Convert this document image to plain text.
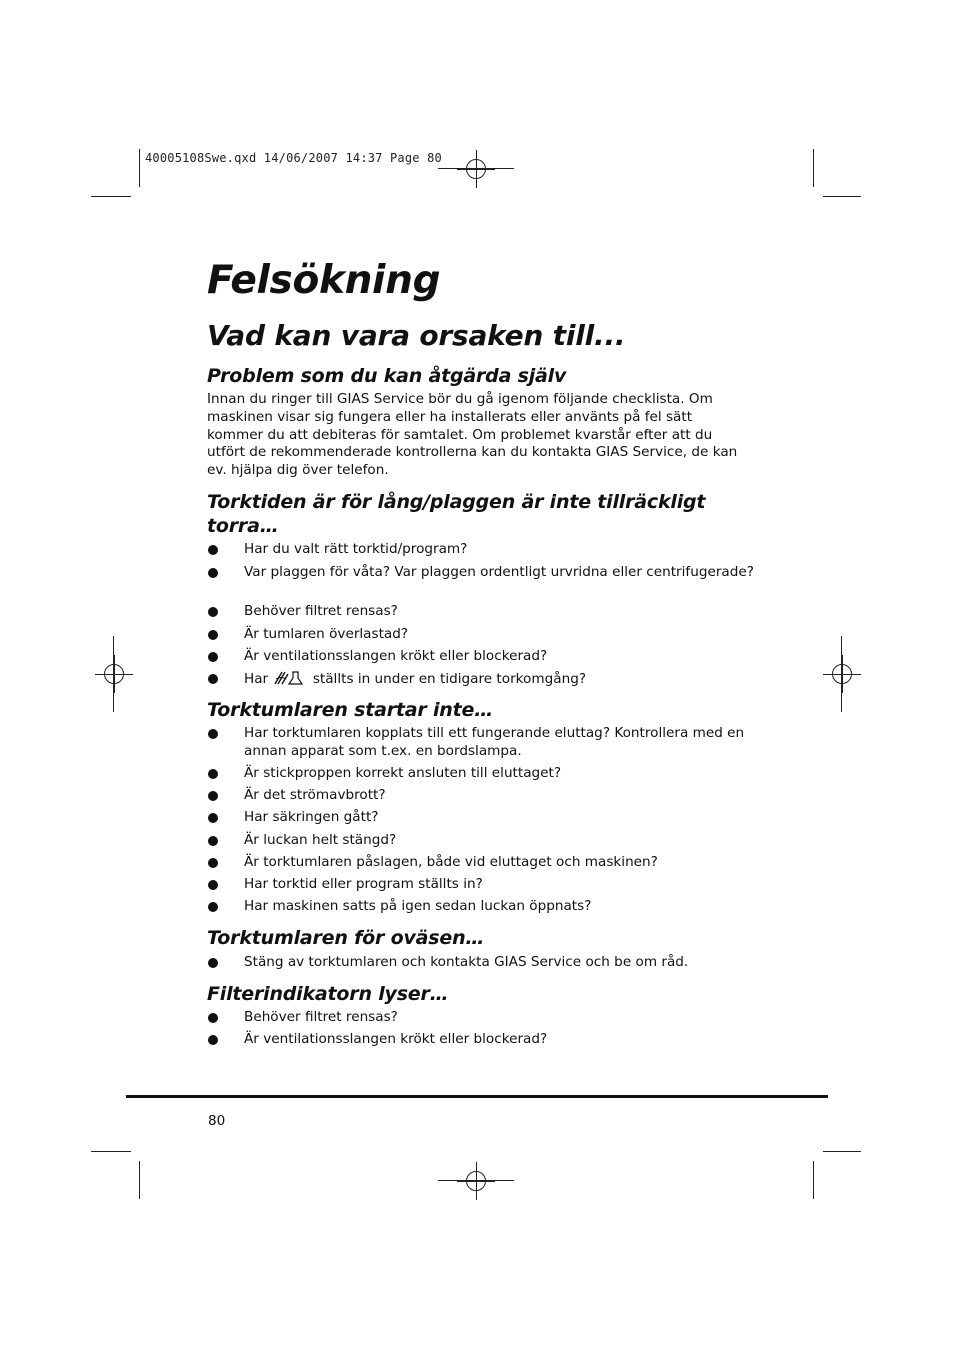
40005108Swe.qxd 14/06/2007 14:37 Page 80
Felsökning
Vad kan vara orsaken till...
Problem som du kan åtgärda själv

Innan du ringer till GIAS Service bör du gå igenom följande checklista. Om
maskinen visar sig fungera eller ha installerats eller använts på fel sätt
kommer du att debiteras för samtalet. Om problemet kvarstår efter att du
utfört de rekommenderade kontrollerna kan du kontakta GIAS Service, de kan
ev. hjälpa dig över telefon.

Torktiden är för lång/plaggen är inte tillräckligt torra…
Har du valt rätt torktid/program?
Var plaggen för våta? Var plaggen ordentligt urvridna eller centrifugerade?
Behöver filtret rensas?
Är tumlaren överlastad?
Är ventilationsslangen krökt eller blockerad?
Har	ställts in under en tidigare torkomgång?
Torktumlaren startar inte…
Har torktumlaren kopplats till ett fungerande eluttag? Kontrollera med en annan apparat som t.ex. en bordslampa.
Är stickproppen korrekt ansluten till eluttaget?
Är det strömavbrott?
Har säkringen gått?
Är luckan helt stängd?
Är torktumlaren påslagen, både vid eluttaget och maskinen?
Har torktid eller program ställts in?
Har maskinen satts på igen sedan luckan öppnats?
Torktumlaren för oväsen…
Stäng av torktumlaren och kontakta GIAS Service och be om råd.
Filterindikatorn lyser…
Behöver filtret rensas?
Är ventilationsslangen krökt eller blockerad?
80
